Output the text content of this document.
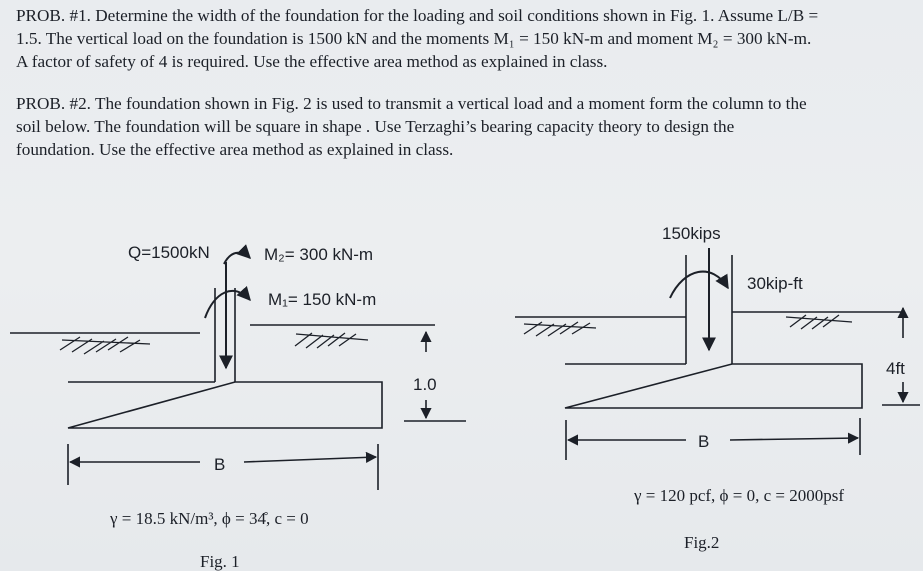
PROB. #1. Determine the width of the foundation for the loading and soil conditions shown in Fig. 1. Assume L/B =
1.5. The vertical load on the foundation is 1500 kN and the moments M₁ = 150 kN-m and moment M₂ = 300 kN-m.
A factor of safety of 4 is required. Use the effective area method as explained in class.

PROB. #2. The foundation shown in Fig. 2 is used to transmit a vertical load and a moment form the column to the
soil below. The foundation will be square in shape . Use Terzaghi’s bearing capacity theory to design the
foundation. Use the effective area method as explained in class.

Q=1500kN	M₂= 300 kN-m
M₁= 150 kN-m
1.0
B
γ = 18.5 kN/m³, ϕ = 34̊, c = 0
Fig. 1
150kips
30kip-ft
4ft
B
γ = 120 pcf, ϕ = 0, c = 2000psf
Fig.2
